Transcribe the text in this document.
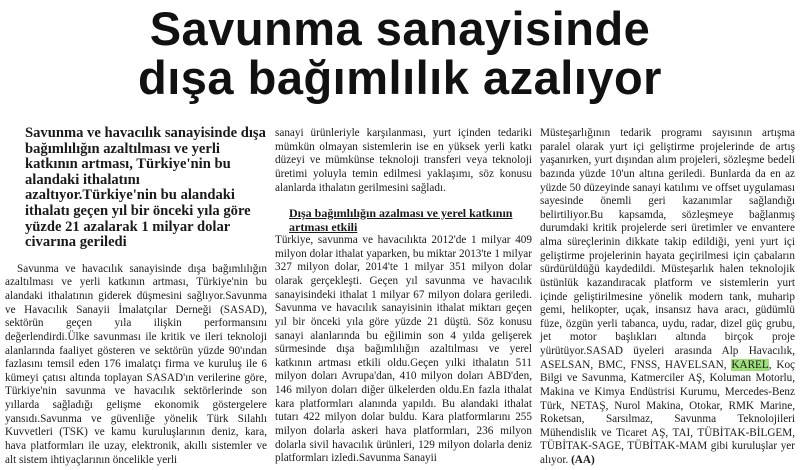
Savunma sanayisinde
dışa bağımlılık azalıyor

Savunma ve havacılık sanayisinde dışa bağımlılığın azaltılması ve yerli katkının artması, Türkiye'nin bu alandaki ithalatını azaltıyor.Türkiye'nin bu alandaki ithalatı geçen yıl bir önceki yıla göre yüzde 21 azalarak 1 milyar dolar civarına geriledi

Savunma ve havacılık sanayisinde dışa bağımlılığın azaltılması ve yerli katkının artması, Türkiye'nin bu alandaki ithalatının giderek düşmesini sağlıyor.Savunma ve Havacılık Sanayii İmalatçılar Derneği (SASAD), sektörün geçen yıla ilişkin performansını değerlendirdi.Ülke savunması ile kritik ve ileri teknoloji alanlarında faaliyet gösteren ve sektörün yüzde 90'ından fazlasını temsil eden 176 imalatçı firma ve kuruluş ile 6 kümeyi çatısı altında toplayan SASAD'ın verilerine göre, Türkiye'nin savunma ve havacılık sektörlerinde son yıllarda sağladığı gelişme ekonomik göstergelere yansıdı.Savunma ve güvenliğe yönelik Türk Silahlı Kuvvetleri (TSK) ve kamu kuruluşlarının deniz, kara, hava platformları ile uzay, elektronik, akıllı sistemler ve alt sistem ihtiyaçlarının öncelikle yerli

sanayi ürünleriyle karşılanması, yurt içinden tedariki mümkün olmayan sistemlerin ise en yüksek yerli katkı düzeyi ve mümkünse teknoloji transferi veya teknoloji üretimi yoluyla temin edilmesi yaklaşımı, söz konusu alanlarda ithalatın gerilmesini sağladı.

Dışa bağımlılığın azalması ve yerel katkının artması etkili

Türkiye, savunma ve havacılıkta 2012'de 1 milyar 409 milyon dolar ithalat yaparken, bu miktar 2013'te 1 milyar 327 milyon dolar, 2014'te 1 milyar 351 milyon dolar olarak gerçekleşti. Geçen yıl savunma ve havacılık sanayisindeki ithalat 1 milyar 67 milyon dolara geriledi. Savunma ve havacılık sanayisinin ithalat miktarı geçen yıl bir önceki yıla göre yüzde 21 düştü. Söz konusu sanayi alanlarında bu eğilimin son 4 yılda gelişerek sürmesinde dışa bağımlılığın azaltılması ve yerel katkının artması etkili oldu.Geçen yılki ithalatın 511 milyon doları Avrupa'dan, 410 milyon doları ABD'den, 146 milyon doları diğer ülkelerden oldu.En fazla ithalat kara platformları alanında yapıldı. Bu alandaki ithalat tutarı 422 milyon dolar buldu. Kara platformlarını 255 milyon dolarla askeri hava platformları, 236 milyon dolarla sivil havacılık ürünleri, 129 milyon dolarla deniz platformları izledi.Savunma Sanayii

Müsteşarlığının tedarik programı sayısının artışma paralel olarak yurt içi geliştirme projelerinde de artış yaşanırken, yurt dışından alım projeleri, sözleşme bedeli bazında yüzde 10'un altına geriledi. Bunlarda da en az yüzde 50 düzeyinde sanayi katılımı ve offset uygulaması sayesinde önemli geri kazanımlar sağlandığı belirtiliyor.Bu kapsamda, sözleşmeye bağlanmış durumdaki kritik projelerde seri üretimler ve envantere alma süreçlerinin dikkate takip edildiği, yeni yurt içi geliştirme projelerinin hayata geçirilmesi için çabaların sürdürüldüğü kaydedildi. Müsteşarlık halen teknolojik üstünlük kazandıracak platform ve sistemlerin yurt içinde geliştirilmesine yönelik modern tank, muharip gemi, helikopter, uçak, insansız hava aracı, güdümlü füze, özgün yerli tabanca, uydu, radar, dizel güç grubu, jet motor başlıkları altında birçok proje yürütüyor.SASAD üyeleri arasında Alp Havacılık, ASELSAN, BMC, FNSS, HAVELSAN, KAREL, Koç Bilgi ve Savunma, Katmerciler AŞ, Koluman Motorlu, Makina ve Kimya Endüstrisi Kurumu, Mercedes-Benz Türk, NETAŞ, Nurol Makina, Otokar, RMK Marine, Roketsan, Sarsılmaz, Savunma Teknolojileri Mühendislik ve Ticaret AŞ, TAI, TÜBİTAK-BİLGEM, TÜBİTAK-SAGE, TÜBİTAK-MAM gibi kuruluşlar yer alıyor. (AA)
